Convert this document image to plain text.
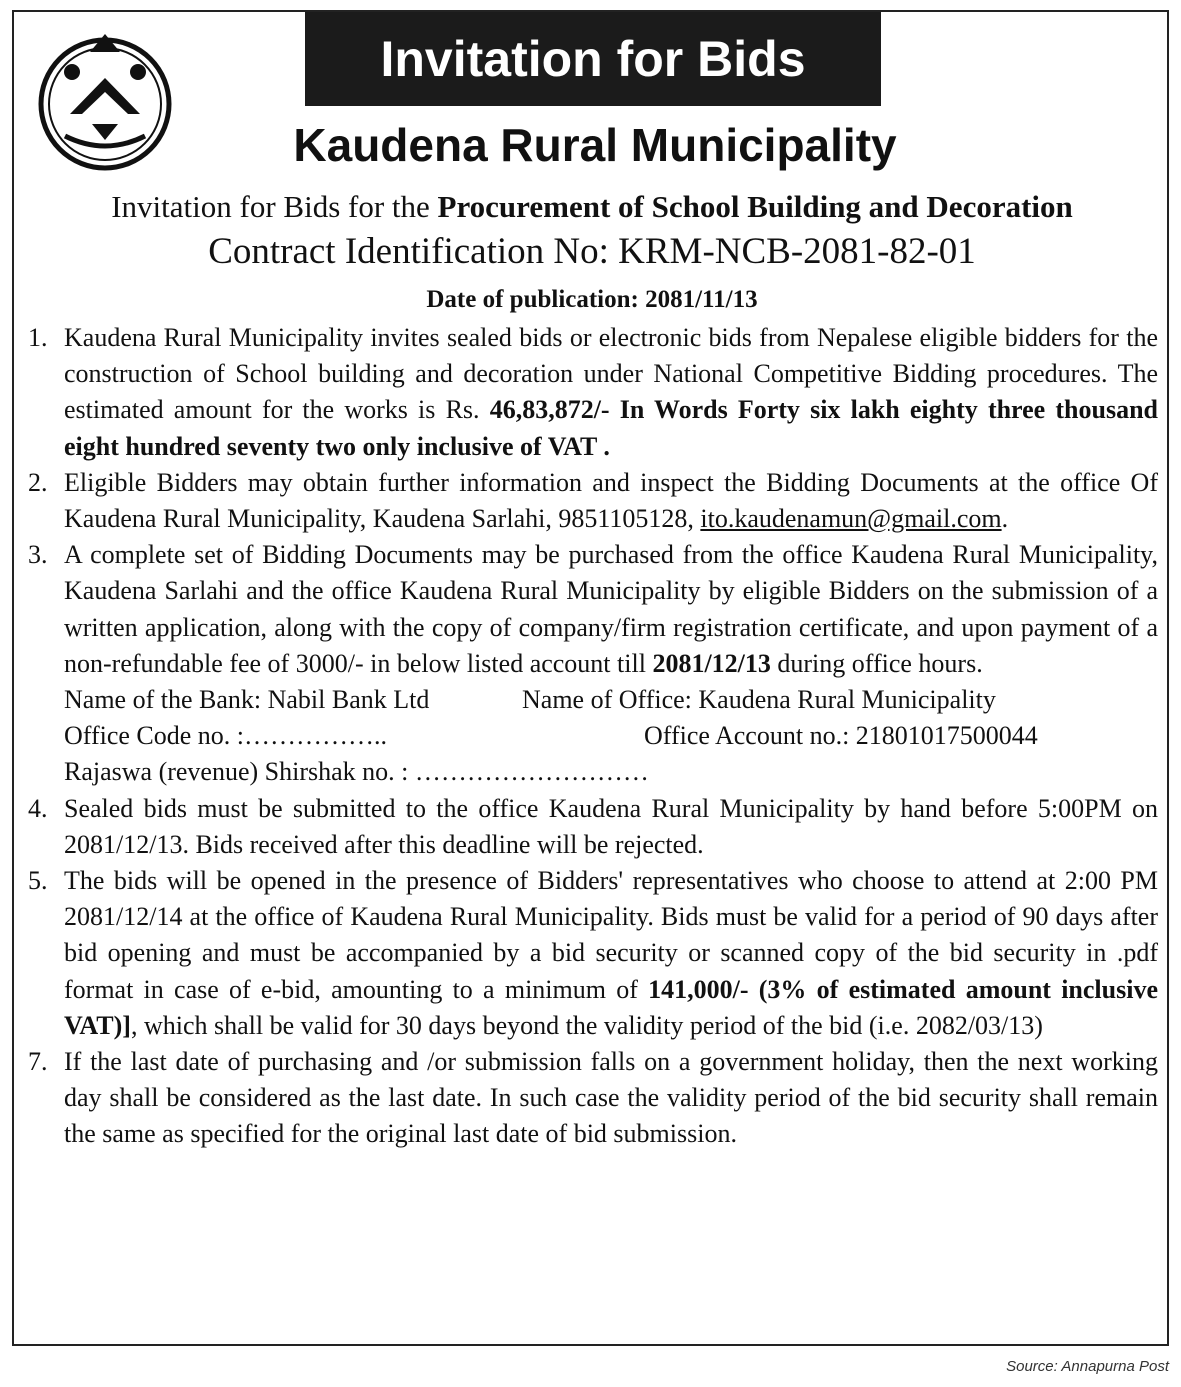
Invitation for Bids
Kaudena Rural Municipality
Invitation for Bids for the Procurement of School Building and Decoration
Contract Identification No: KRM-NCB-2081-82-01
Date of publication: 2081/11/13
1. Kaudena Rural Municipality invites sealed bids or electronic bids from Nepalese eligible bidders for the construction of School building and decoration under National Competitive Bidding procedures. The estimated amount for the works is Rs. 46,83,872/- In Words Forty six lakh eighty three thousand eight hundred seventy two only inclusive of VAT .
2. Eligible Bidders may obtain further information and inspect the Bidding Documents at the office Of Kaudena Rural Municipality, Kaudena Sarlahi, 9851105128, ito.kaudenamun@gmail.com.
3. A complete set of Bidding Documents may be purchased from the office Kaudena Rural Municipality, Kaudena Sarlahi and the office Kaudena Rural Municipality by eligible Bidders on the submission of a written application, along with the copy of company/firm registration certificate, and upon payment of a non-refundable fee of 3000/- in below listed account till 2081/12/13 during office hours.
Name of the Bank: Nabil Bank Ltd	Name of Office: Kaudena Rural Municipality
Office Code no. :……………..	Office Account no.: 21801017500044
Rajaswa (revenue) Shirshak no. : ………………………
4. Sealed bids must be submitted to the office Kaudena Rural Municipality by hand before 5:00PM on 2081/12/13. Bids received after this deadline will be rejected.
5. The bids will be opened in the presence of Bidders' representatives who choose to attend at 2:00 PM 2081/12/14 at the office of Kaudena Rural Municipality. Bids must be valid for a period of 90 days after bid opening and must be accompanied by a bid security or scanned copy of the bid security in .pdf format in case of e-bid, amounting to a minimum of 141,000/- (3% of estimated amount inclusive VAT)], which shall be valid for 30 days beyond the validity period of the bid (i.e. 2082/03/13)
7. If the last date of purchasing and /or submission falls on a government holiday, then the next working day shall be considered as the last date. In such case the validity period of the bid security shall remain the same as specified for the original last date of bid submission.
Source: Annapurna Post
